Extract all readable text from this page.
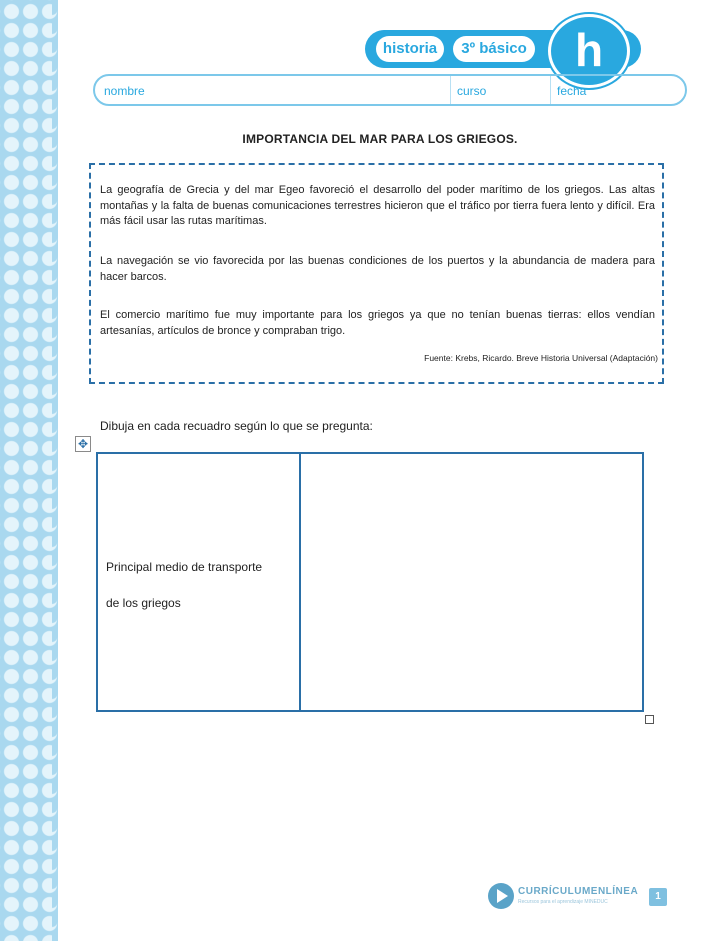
historia	3º básico	h
nombre	curso	fecha
IMPORTANCIA DEL MAR PARA LOS GRIEGOS.

La geografía de Grecia y del mar Egeo favoreció el desarrollo del poder marítimo de los griegos. Las altas montañas y la falta de buenas comunicaciones terrestres hicieron que el tráfico por tierra fuera lento y difícil. Era más fácil usar las rutas marítimas.

La navegación se vio favorecida por las buenas condiciones de los puertos y la abundancia de madera para hacer barcos.

El comercio marítimo fue muy importante para los griegos ya que no tenían buenas tierras: ellos vendían artesanías, artículos de bronce y compraban trigo.

Fuente: Krebs, Ricardo. Breve Historia Universal (Adaptación)
Dibuja en cada recuadro según lo que se pregunta:
✥
Principal medio de transporte
de los griegos
CURRÍCULUMENLÍNEA
Recursos para el aprendizaje MINEDUC	1
